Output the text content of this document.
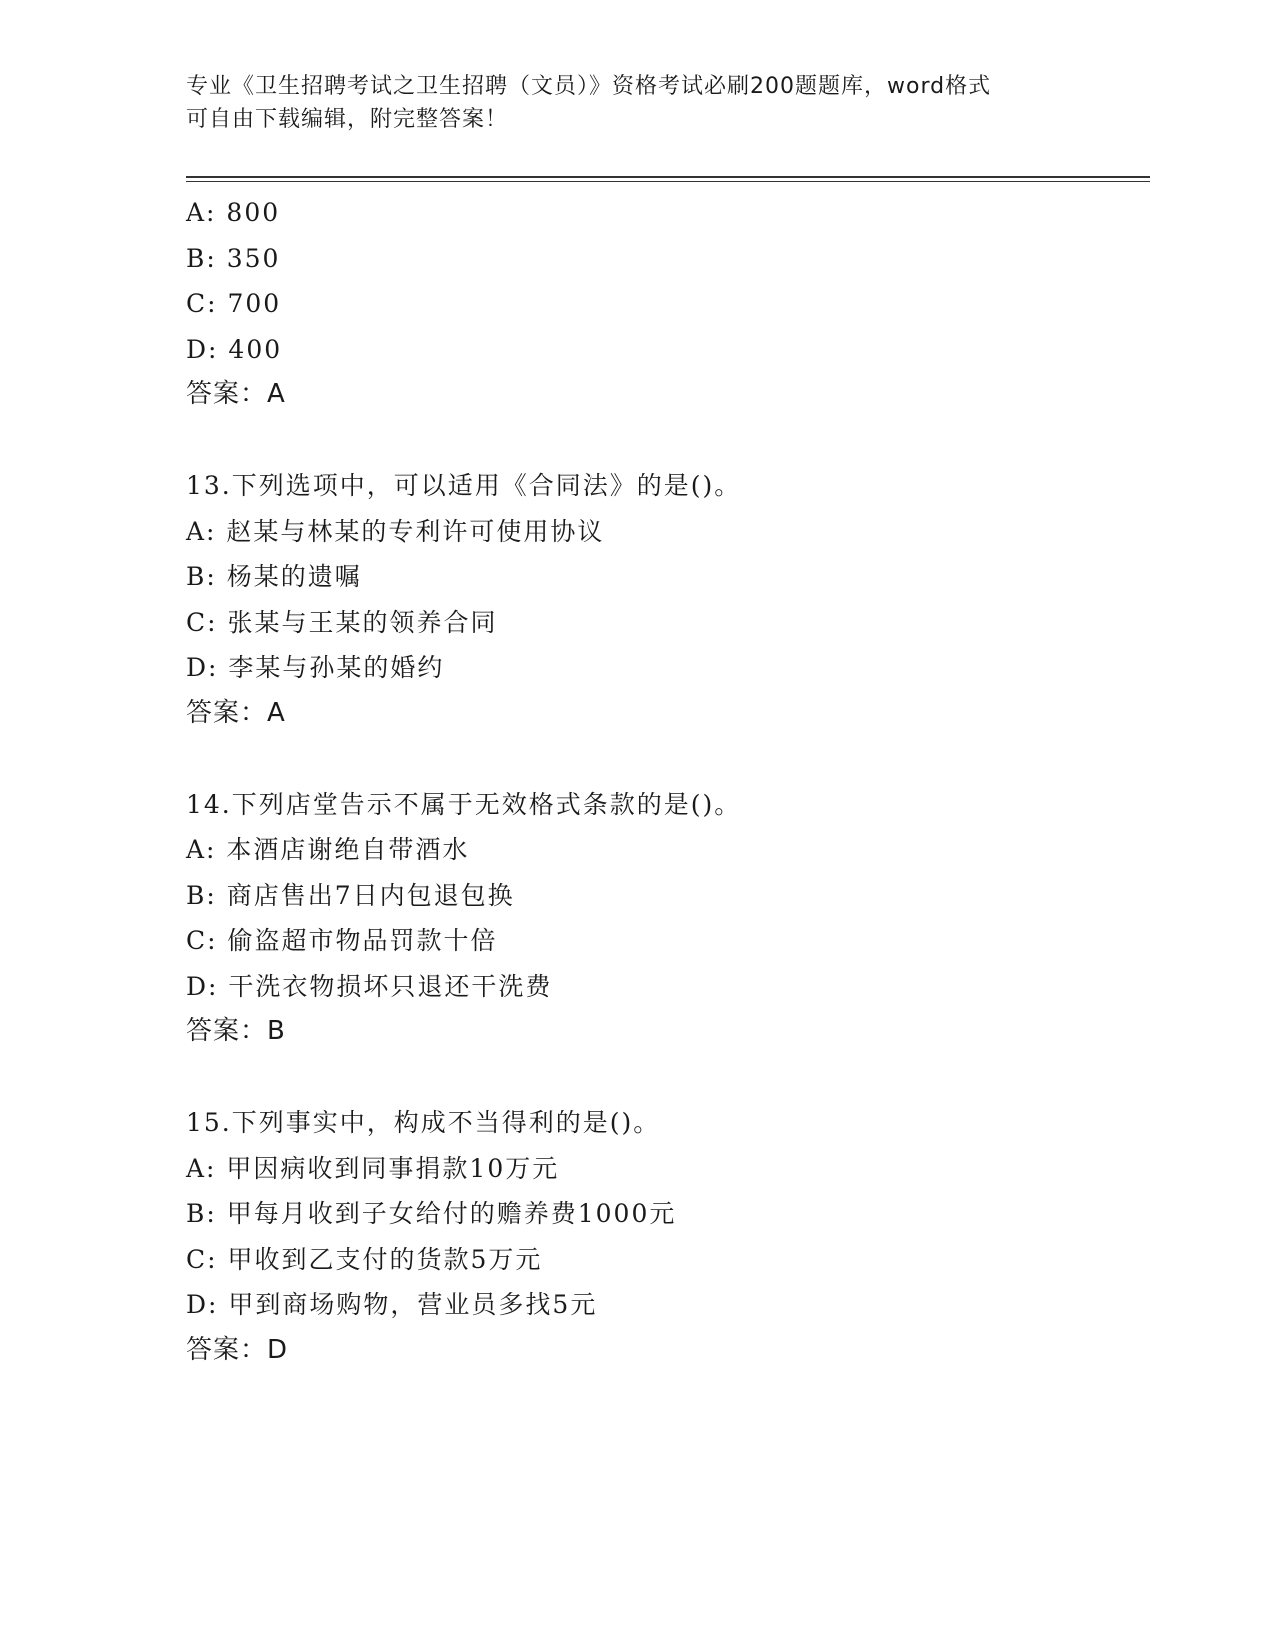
专业《卫生招聘考试之卫生招聘（文员）》资格考试必刷200题题库，word格式
可自由下载编辑，附完整答案！
A: 800
B: 350
C: 700
D: 400
答案：A
13.下列选项中，可以适用《合同法》的是()。
A: 赵某与林某的专利许可使用协议
B: 杨某的遗嘱
C: 张某与王某的领养合同
D: 李某与孙某的婚约
答案：A
14.下列店堂告示不属于无效格式条款的是()。
A: 本酒店谢绝自带酒水
B: 商店售出7日内包退包换
C: 偷盗超市物品罚款十倍
D: 干洗衣物损坏只退还干洗费
答案：B
15.下列事实中，构成不当得利的是()。
A: 甲因病收到同事捐款10万元
B: 甲每月收到子女给付的赡养费1000元
C: 甲收到乙支付的货款5万元
D: 甲到商场购物，营业员多找5元
答案：D
